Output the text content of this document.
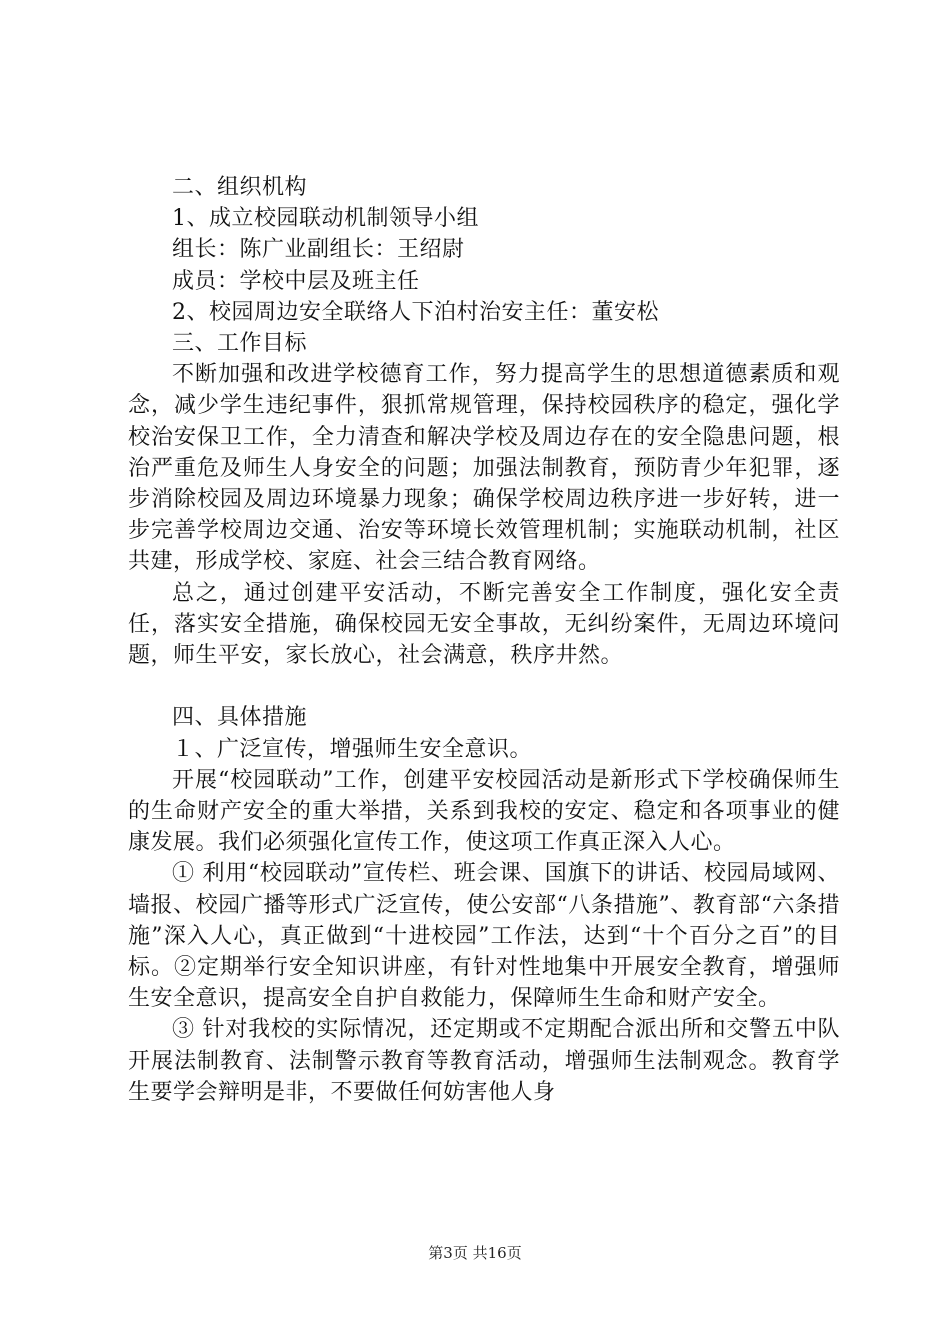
二、组织机构
1、成立校园联动机制领导小组
组长：陈广业副组长：王绍尉
成员：学校中层及班主任
2、校园周边安全联络人下泊村治安主任：董安松
三、工作目标

不断加强和改进学校德育工作，努力提高学生的思想道德素质和观念，减少学生违纪事件，狠抓常规管理，保持校园秩序的稳定，强化学校治安保卫工作，全力清查和解决学校及周边存在的安全隐患问题，根治严重危及师生人身安全的问题；加强法制教育，预防青少年犯罪，逐步消除校园及周边环境暴力现象；确保学校周边秩序进一步好转，进一步完善学校周边交通、治安等环境长效管理机制；实施联动机制，社区共建，形成学校、家庭、社会三结合教育网络。

总之，通过创建平安活动，不断完善安全工作制度，强化安全责任，落实安全措施，确保校园无安全事故，无纠纷案件，无周边环境问题，师生平安，家长放心，社会满意，秩序井然。

四、具体措施
１、广泛宣传，增强师生安全意识。

开展“校园联动”工作，创建平安校园活动是新形式下学校确保师生的生命财产安全的重大举措，关系到我校的安定、稳定和各项事业的健康发展。我们必须强化宣传工作，使这项工作真正深入人心。

① 利用“校园联动”宣传栏、班会课、国旗下的讲话、校园局域网、墙报、校园广播等形式广泛宣传，使公安部“八条措施”、教育部“六条措施”深入人心，真正做到“十进校园”工作法，达到“十个百分之百”的目标。②定期举行安全知识讲座，有针对性地集中开展安全教育，增强师生安全意识，提高安全自护自救能力，保障师生生命和财产安全。

③ 针对我校的实际情况，还定期或不定期配合派出所和交警五中队开展法制教育、法制警示教育等教育活动，增强师生法制观念。教育学生要学会辩明是非，不要做任何妨害他人身

第3页 共16页
